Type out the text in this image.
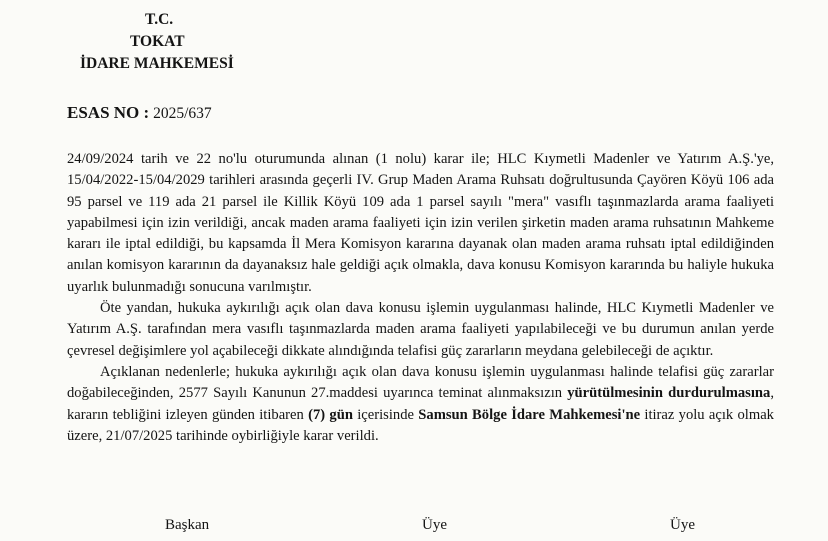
T.C.
TOKAT
İDARE MAHKEMESİ
ESAS NO : 2025/637

24/09/2024 tarih ve 22 no'lu oturumunda alınan (1 nolu) karar ile; HLC Kıymetli Madenler ve Yatırım A.Ş.'ye, 15/04/2022-15/04/2029 tarihleri arasında geçerli IV. Grup Maden Arama Ruhsatı doğrultusunda Çayören Köyü 106 ada 95 parsel ve 119 ada 21 parsel ile Killik Köyü 109 ada 1 parsel sayılı "mera" vasıflı taşınmazlarda arama faaliyeti yapabilmesi için izin verildiği, ancak maden arama faaliyeti için izin verilen şirketin maden arama ruhsatının Mahkeme kararı ile iptal edildiği, bu kapsamda İl Mera Komisyon kararına dayanak olan maden arama ruhsatı iptal edildiğinden anılan komisyon kararının da dayanaksız hale geldiği açık olmakla, dava konusu Komisyon kararında bu haliyle hukuka uyarlık bulunmadığı sonucuna varılmıştır.

Öte yandan, hukuka aykırılığı açık olan dava konusu işlemin uygulanması halinde, HLC Kıymetli Madenler ve Yatırım A.Ş. tarafından mera vasıflı taşınmazlarda maden arama faaliyeti yapılabileceği ve bu durumun anılan yerde çevresel değişimlere yol açabileceği dikkate alındığında telafisi güç zararların meydana gelebileceği de açıktır.

Açıklanan nedenlerle; hukuka aykırılığı açık olan dava konusu işlemin uygulanması halinde telafisi güç zararlar doğabileceğinden, 2577 Sayılı Kanunun 27.maddesi uyarınca teminat alınmaksızın yürütülmesinin durdurulmasına, kararın tebliğini izleyen günden itibaren (7) gün içerisinde Samsun Bölge İdare Mahkemesi'ne itiraz yolu açık olmak üzere, 21/07/2025 tarihinde oybirliğiyle karar verildi.

Başkan	Üye	Üye
